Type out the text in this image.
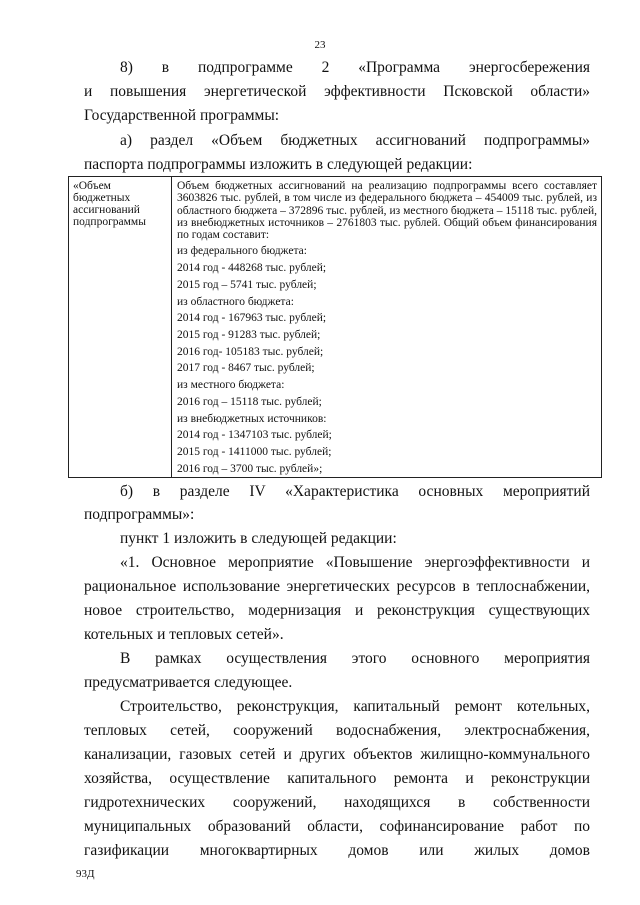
23
8) в подпрограмме 2 «Программа энергосбережения
и повышения энергетической эффективности Псковской области»
Государственной программы:
а) раздел «Объем бюджетных ассигнований подпрограммы»
паспорта подпрограммы изложить в следующей редакции:
«Объем бюджетных ассигнований подпрограммы

Объем бюджетных ассигнований на реализацию подпрограммы всего составляет 3603826 тыс. рублей, в том числе из федерального бюджета – 454009 тыс. рублей, из областного бюджета – 372896 тыс. рублей, из местного бюджета – 15118 тыс. рублей, из внебюджетных источников – 2761803 тыс. рублей. Общий объем финансирования по годам составит:

из федерального бюджета:
2014 год - 448268 тыс. рублей;
2015 год – 5741 тыс. рублей;
из областного бюджета:
2014 год - 167963 тыс. рублей;
2015 год - 91283 тыс. рублей;
2016 год- 105183 тыс. рублей;
2017 год - 8467 тыс. рублей;
из местного бюджета:
2016 год – 15118 тыс. рублей;
из внебюджетных источников:
2014 год - 1347103 тыс. рублей;
2015 год - 1411000 тыс. рублей;
2016 год – 3700 тыс. рублей»;
б) в разделе IV «Характеристика основных мероприятий
подпрограммы»:
пункт 1 изложить в следующей редакции:
«1. Основное мероприятие «Повышение энергоэффективности и
рациональное использование энергетических ресурсов в теплоснабжении,
новое строительство, модернизация и реконструкция существующих
котельных и тепловых сетей».
В рамках осуществления этого основного мероприятия
предусматривается следующее.
Строительство, реконструкция, капитальный ремонт котельных,
тепловых сетей, сооружений водоснабжения, электроснабжения,
канализации, газовых сетей и других объектов жилищно-коммунального
хозяйства, осуществление капитального ремонта и реконструкции
гидротехнических сооружений, находящихся в собственности
муниципальных образований области, софинансирование работ по
газификации многоквартирных домов или жилых домов
93Д
